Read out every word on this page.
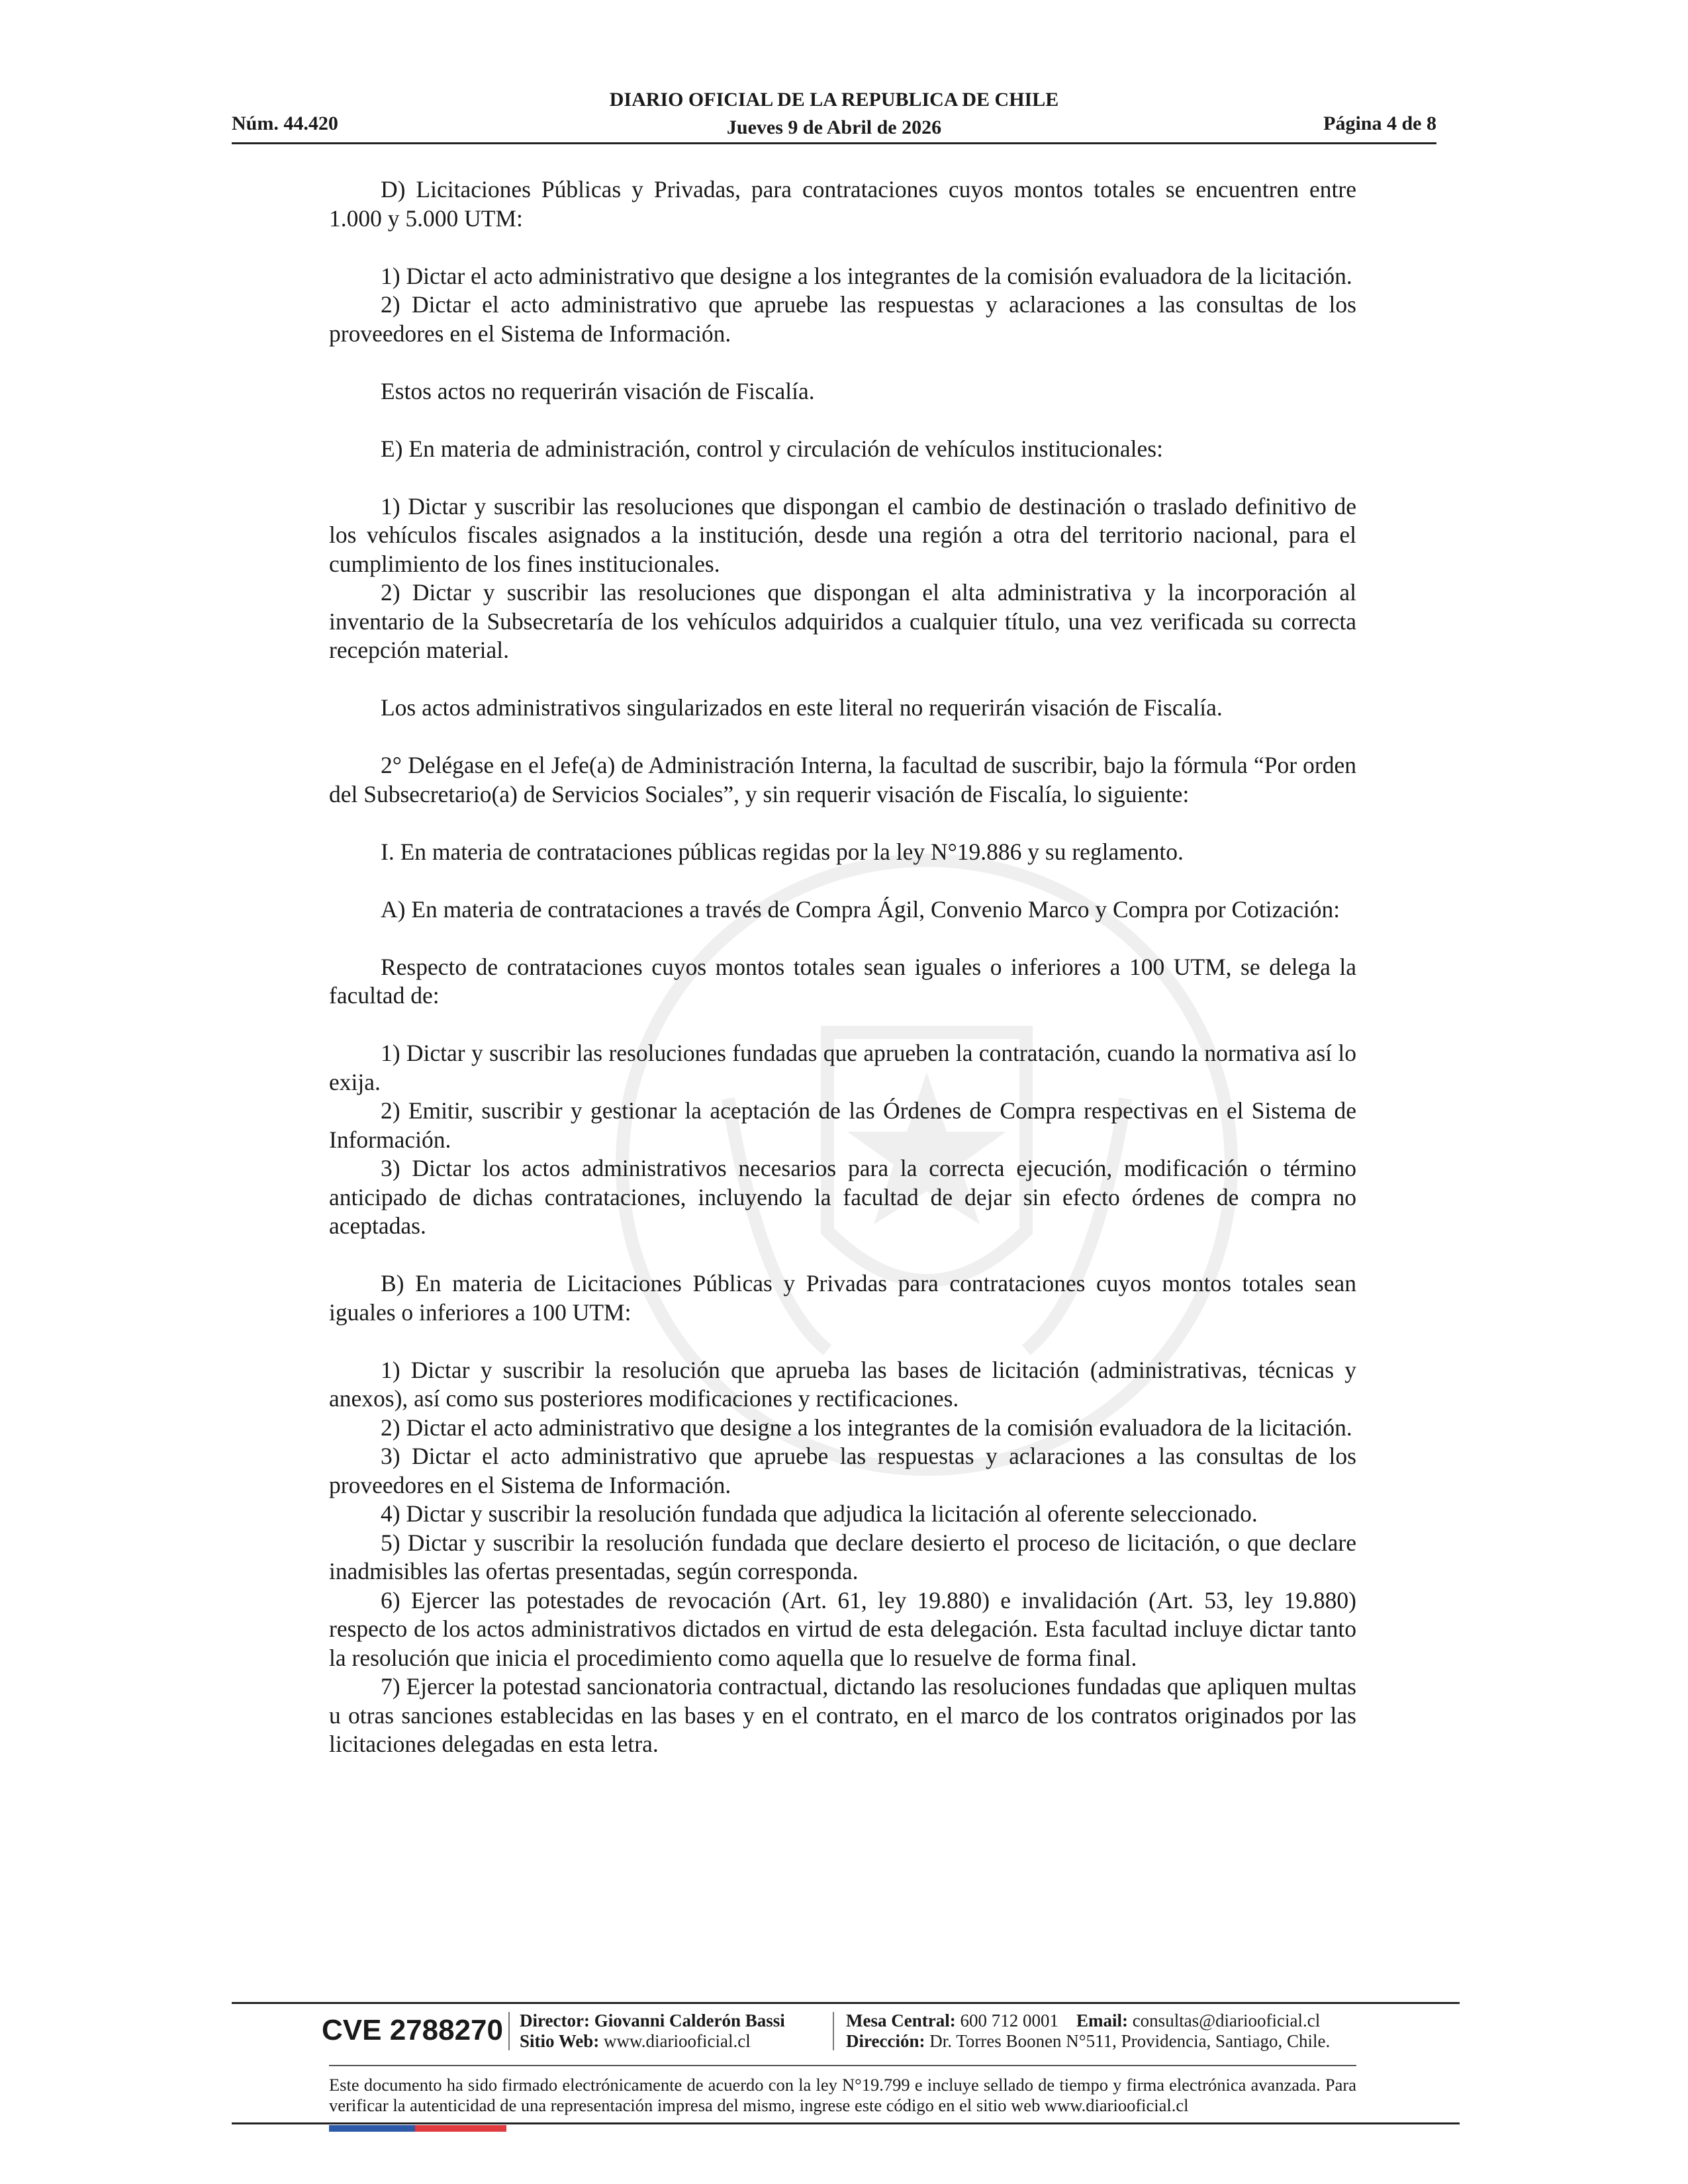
Núm. 44.420
DIARIO OFICIAL DE LA REPUBLICA DE CHILE
Jueves 9 de Abril de 2026	Página 4 de 8

D) Licitaciones Públicas y Privadas, para contrataciones cuyos montos totales se encuentren entre 1.000 y 5.000 UTM:

1) Dictar el acto administrativo que designe a los integrantes de la comisión evaluadora de la licitación.

2) Dictar el acto administrativo que apruebe las respuestas y aclaraciones a las consultas de los proveedores en el Sistema de Información.

Estos actos no requerirán visación de Fiscalía.

E) En materia de administración, control y circulación de vehículos institucionales:

1) Dictar y suscribir las resoluciones que dispongan el cambio de destinación o traslado definitivo de los vehículos fiscales asignados a la institución, desde una región a otra del territorio nacional, para el cumplimiento de los fines institucionales.

2) Dictar y suscribir las resoluciones que dispongan el alta administrativa y la incorporación al inventario de la Subsecretaría de los vehículos adquiridos a cualquier título, una vez verificada su correcta recepción material.

Los actos administrativos singularizados en este literal no requerirán visación de Fiscalía.

2° Delégase en el Jefe(a) de Administración Interna, la facultad de suscribir, bajo la fórmula “Por orden del Subsecretario(a) de Servicios Sociales”, y sin requerir visación de Fiscalía, lo siguiente:

I. En materia de contrataciones públicas regidas por la ley N°19.886 y su reglamento.

A) En materia de contrataciones a través de Compra Ágil, Convenio Marco y Compra por Cotización:

Respecto de contrataciones cuyos montos totales sean iguales o inferiores a 100 UTM, se delega la facultad de:

1) Dictar y suscribir las resoluciones fundadas que aprueben la contratación, cuando la normativa así lo exija.

2) Emitir, suscribir y gestionar la aceptación de las Órdenes de Compra respectivas en el Sistema de Información.

3) Dictar los actos administrativos necesarios para la correcta ejecución, modificación o término anticipado de dichas contrataciones, incluyendo la facultad de dejar sin efecto órdenes de compra no aceptadas.

B) En materia de Licitaciones Públicas y Privadas para contrataciones cuyos montos totales sean iguales o inferiores a 100 UTM:

1) Dictar y suscribir la resolución que aprueba las bases de licitación (administrativas, técnicas y anexos), así como sus posteriores modificaciones y rectificaciones.

2) Dictar el acto administrativo que designe a los integrantes de la comisión evaluadora de la licitación.

3) Dictar el acto administrativo que apruebe las respuestas y aclaraciones a las consultas de los proveedores en el Sistema de Información.

4) Dictar y suscribir la resolución fundada que adjudica la licitación al oferente seleccionado.

5) Dictar y suscribir la resolución fundada que declare desierto el proceso de licitación, o que declare inadmisibles las ofertas presentadas, según corresponda.

6) Ejercer las potestades de revocación (Art. 61, ley 19.880) e invalidación (Art. 53, ley 19.880) respecto de los actos administrativos dictados en virtud de esta delegación. Esta facultad incluye dictar tanto la resolución que inicia el procedimiento como aquella que lo resuelve de forma final.

7) Ejercer la potestad sancionatoria contractual, dictando las resoluciones fundadas que apliquen multas u otras sanciones establecidas en las bases y en el contrato, en el marco de los contratos originados por las licitaciones delegadas en esta letra.

CVE 2788270 Director: Giovanni Calderón Bassi
Sitio Web: www.diariooficial.cl
Mesa Central: 600 712 0001 Email: consultas@diariooficial.cl
Dirección: Dr. Torres Boonen N°511, Providencia, Santiago, Chile.
Este documento ha sido firmado electrónicamente de acuerdo con la ley N°19.799 e incluye sellado de tiempo y firma electrónica avanzada. Para verificar la autenticidad de una representación impresa del mismo, ingrese este código en el sitio web www.diariooficial.cl
